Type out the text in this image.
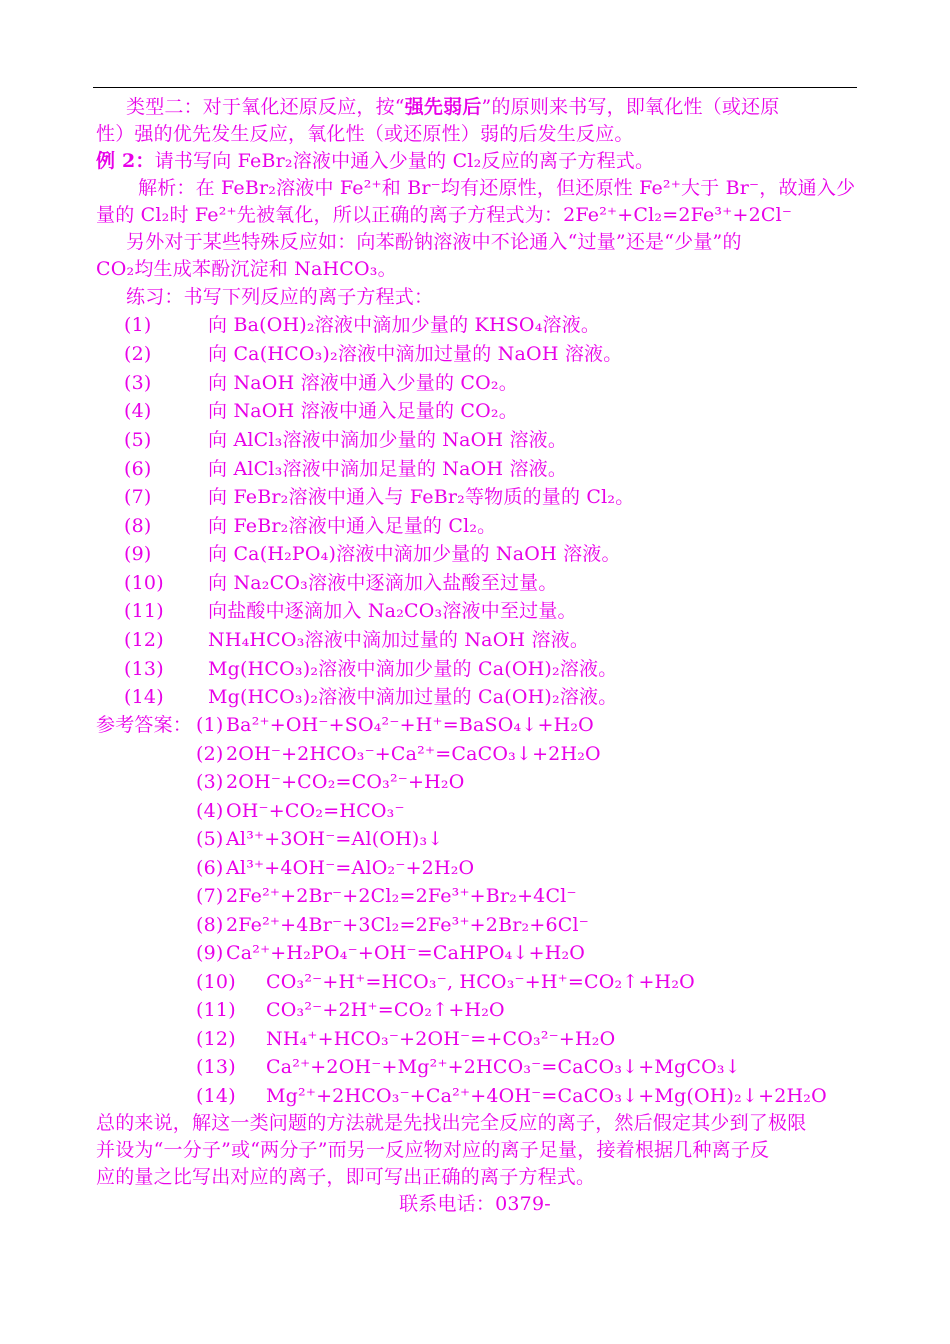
类型二：对于氧化还原反应，按“强先弱后”的原则来书写，即氧化性（或还原
性）强的优先发生反应，氧化性（或还原性）弱的后发生反应。
例 2：请书写向 FeBr₂溶液中通入少量的 Cl₂反应的离子方程式。
解析：在 FeBr₂溶液中 Fe²⁺和 Br⁻均有还原性，但还原性 Fe²⁺大于 Br⁻，故通入少
量的 Cl₂时 Fe²⁺先被氧化，所以正确的离子方程式为：2Fe²⁺+Cl₂=2Fe³⁺+2Cl⁻
另外对于某些特殊反应如：向苯酚钠溶液中不论通入“过量”还是“少量”的
CO₂均生成苯酚沉淀和 NaHCO₃。
练习：书写下列反应的离子方程式：
(1)	向 Ba(OH)₂溶液中滴加少量的 KHSO₄溶液。
(2)	向 Ca(HCO₃)₂溶液中滴加过量的 NaOH 溶液。
(3)	向 NaOH 溶液中通入少量的 CO₂。
(4)	向 NaOH 溶液中通入足量的 CO₂。
(5)	向 AlCl₃溶液中滴加少量的 NaOH 溶液。
(6)	向 AlCl₃溶液中滴加足量的 NaOH 溶液。
(7)	向 FeBr₂溶液中通入与 FeBr₂等物质的量的 Cl₂。
(8)	向 FeBr₂溶液中通入足量的 Cl₂。
(9)	向 Ca(H₂PO₄)溶液中滴加少量的 NaOH 溶液。
(10) 向 Na₂CO₃溶液中逐滴加入盐酸至过量。
(11) 向盐酸中逐滴加入 Na₂CO₃溶液中至过量。
(12) NH₄HCO₃溶液中滴加过量的 NaOH 溶液。
(13) Mg(HCO₃)₂溶液中滴加少量的 Ca(OH)₂溶液。
(14) Mg(HCO₃)₂溶液中滴加过量的 Ca(OH)₂溶液。
参考答案： (1) Ba²⁺+OH⁻+SO₄²⁻+H⁺=BaSO₄↓+H₂O
(2) 2OH⁻+2HCO₃⁻+Ca²⁺=CaCO₃↓+2H₂O
(3) 2OH⁻+CO₂=CO₃²⁻+H₂O
(4) OH⁻+CO₂=HCO₃⁻
(5) Al³⁺+3OH⁻=Al(OH)₃↓
(6) Al³⁺+4OH⁻=AlO₂⁻+2H₂O
(7) 2Fe²⁺+2Br⁻+2Cl₂=2Fe³⁺+Br₂+4Cl⁻
(8) 2Fe²⁺+4Br⁻+3Cl₂=2Fe³⁺+2Br₂+6Cl⁻
(9) Ca²⁺+H₂PO₄⁻+OH⁻=CaHPO₄↓+H₂O
(10) CO₃²⁻+H⁺=HCO₃⁻, HCO₃⁻+H⁺=CO₂↑+H₂O
(11) CO₃²⁻+2H⁺=CO₂↑+H₂O
(12) NH₄⁺+HCO₃⁻+2OH⁻=+CO₃²⁻+H₂O
(13) Ca²⁺+2OH⁻+Mg²⁺+2HCO₃⁻=CaCO₃↓+MgCO₃↓
(14) Mg²⁺+2HCO₃⁻+Ca²⁺+4OH⁻=CaCO₃↓+Mg(OH)₂↓+2H₂O
总的来说，解这一类问题的方法就是先找出完全反应的离子，然后假定其少到了极限
并设为“一分子”或“两分子”而另一反应物对应的离子足量，接着根据几种离子反
应的量之比写出对应的离子，即可写出正确的离子方程式。
联系电话：0379-
